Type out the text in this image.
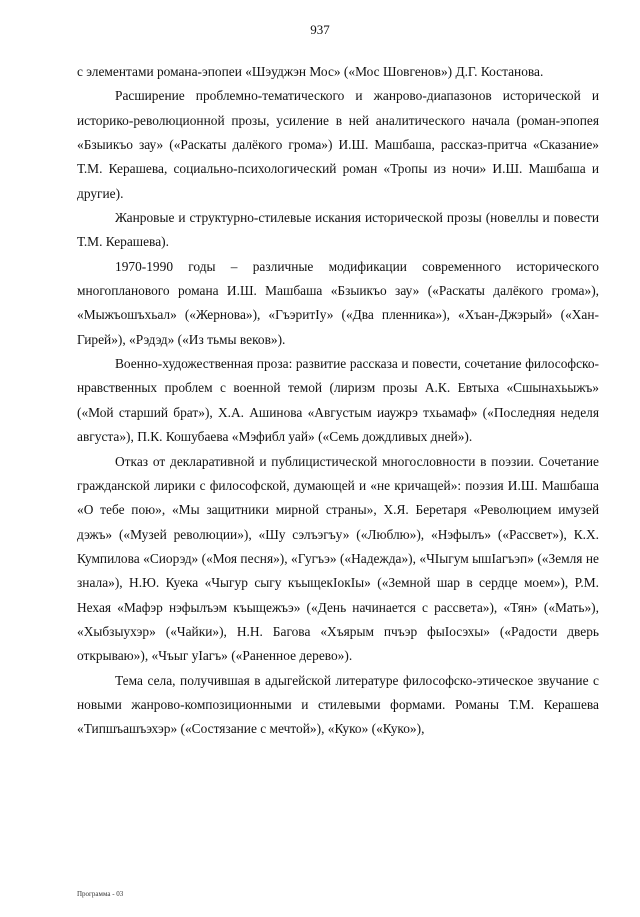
937

с элементами романа-эпопеи «Шэуджэн Мос» («Мос Шовгенов») Д.Г. Костанова.

Расширение проблемно-тематического и жанрово-диапазонов исторической и историко-революционной прозы, усиление в ней аналитического начала (роман-эпопея «Бзыикъо зау» («Раскаты далёкого грома») И.Ш. Машбаша, рассказ-притча «Сказание» Т.М. Керашева, социально-психологический роман «Тропы из ночи» И.Ш. Машбаша и другие).

Жанровые и структурно-стилевые искания исторической прозы (новеллы и повести Т.М. Керашева).

1970-1990 годы – различные модификации современного исторического многопланового романа И.Ш. Машбаша «Бзыикъо зау» («Раскаты далёкого грома»), «Мыжъошъхьал» («Жернова»), «ГъэритIу» («Два пленника»), «Хъан-Джэрый» («Хан-Гирей»), «Рэдэд» («Из тьмы веков»).

Военно-художественная проза: развитие рассказа и повести, сочетание философско-нравственных проблем с военной темой (лиризм прозы А.К. Евтыха «Сшынахьыжъ» («Мой старший брат»), Х.А. Ашинова «Августым иаужрэ тхьамаф» («Последняя неделя августа»), П.К. Кошубаева «Мэфибл уай» («Семь дождливых дней»).

Отказ от декларативной и публицистической многословности в поэзии. Сочетание гражданской лирики с философской, думающей и «не кричащей»: поэзия И.Ш. Машбаша «О тебе пою», «Мы защитники мирной страны», Х.Я. Беретаря «Революцием имузей дэжъ» («Музей революции»), «Шу сэлъэгъу» («Люблю»), «Нэфылъ» («Рассвет»), К.Х. Кумпилова «Сиорэд» («Моя песня»), «Гугъэ» («Надежда»), «ЧIыгум ышIагъэп» («Земля не знала»), Н.Ю. Куека «Чыгур сыгу къыщекIокIы» («Земной шар в сердце моем»), Р.М. Нехая «Мафэр нэфылъэм къыщежъэ» («День начинается с рассвета»), «Тян» («Мать»), «Хыбзыухэр» («Чайки»), Н.Н. Багова «Хъярым пчъэр фыIосэхы» («Радости дверь открываю»), «Чъыг уIагъ» («Раненное дерево»).

Тема села, получившая в адыгейской литературе философско-этическое звучание с новыми жанрово-композиционными и стилевыми формами. Романы Т.М. Керашева «Типшъашъэхэр» («Состязание с мечтой»), «Куко» («Куко»),

Программа - 03
